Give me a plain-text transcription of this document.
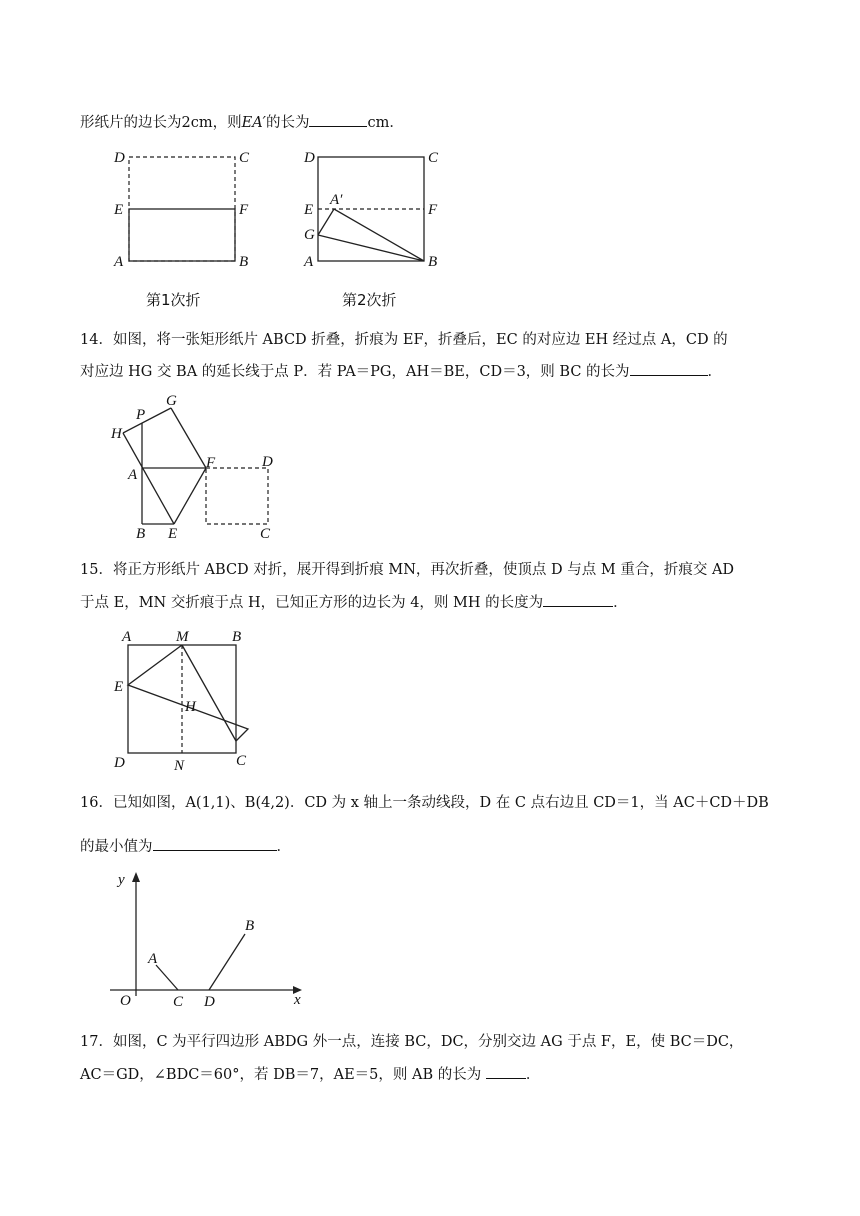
形纸片的边长为2cm，则EA′的长为	cm．
D	C
E	F
A	B
第1次折
D	C
E	F
A′
G
A	B
第2次折
14．如图，将一张矩形纸片 ABCD 折叠，折痕为 EF，折叠后，EC 的对应边 EH 经过点 A，CD 的
对应边 HG 交 BA 的延长线于点 P．若 PA＝PG，AH＝BE，CD＝3，则 BC 的长为	．
G
P
H
A
F	D
B E	C
15．将正方形纸片 ABCD 对折，展开得到折痕 MN，再次折叠，使顶点 D 与点 M 重合，折痕交 AD
于点 E，MN 交折痕于点 H，已知正方形的边长为 4，则 MH 的长度为	．
A	M	B
E
H
D	N	C
16．已知如图，A(1,1)、B(4,2)．CD 为 x 轴上一条动线段，D 在 C 点右边且 CD＝1，当 AC＋CD＋DB
的最小值为	．
y
x
O
A
B
C D
17．如图，C 为平行四边形 ABDG 外一点，连接 BC，DC，分别交边 AG 于点 F，E，使 BC＝DC，
AC＝GD，∠BDC＝60°，若 DB＝7，AE＝5，则 AB 的长为	．
